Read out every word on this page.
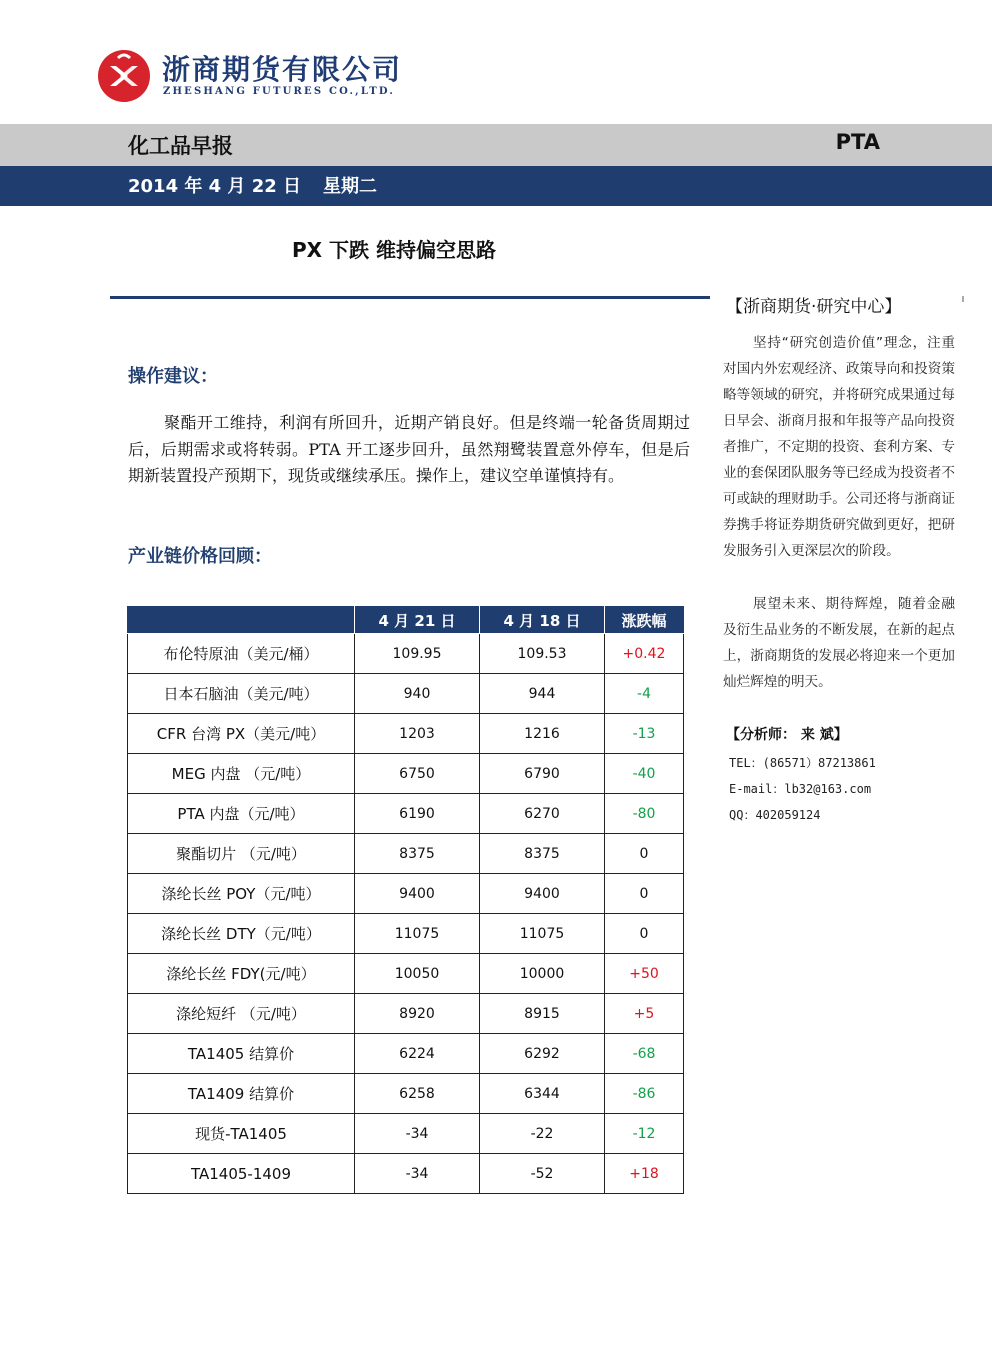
浙商期货有限公司
ZHESHANG FUTURES CO.,LTD.
化工品早报	PTA
2014 年 4 月 22 日 星期二
PX 下跌 维持偏空思路
操作建议：
聚酯开工维持，利润有所回升，近期产销良好。但是终端一轮备货周期过后，后期需求或将转弱。PTA 开工逐步回升，虽然翔鹭装置意外停车，但是后期新装置投产预期下，现货或继续承压。操作上，建议空单谨慎持有。
产业链价格回顾：
	4 月 21 日	4 月 18 日	涨跌幅
布伦特原油（美元/桶）	109.95	109.53	+0.42
日本石脑油（美元/吨）	940	944	-4
CFR 台湾 PX（美元/吨）	1203	1216	-13
MEG 内盘 （元/吨）	6750	6790	-40
PTA 内盘（元/吨）	6190	6270	-80
聚酯切片 （元/吨）	8375	8375	0
涤纶长丝 POY（元/吨）	9400	9400	0
涤纶长丝 DTY（元/吨）	11075	11075	0
涤纶长丝 FDY(元/吨）	10050	10000	+50
涤纶短纤 （元/吨）	8920	8915	+5
TA1405 结算价	6224	6292	-68
TA1409 结算价	6258	6344	-86
现货-TA1405	-34	-22	-12
TA1405-1409	-34	-52	+18
【浙商期货·研究中心】
坚持“研究创造价值”理念，注重对国内外宏观经济、政策导向和投资策略等领域的研究，并将研究成果通过每日早会、浙商月报和年报等产品向投资者推广，不定期的投资、套利方案、专业的套保团队服务等已经成为投资者不可或缺的理财助手。公司还将与浙商证券携手将证券期货研究做到更好，把研发服务引入更深层次的阶段。
展望未来、期待辉煌，随着金融及衍生品业务的不断发展，在新的起点上，浙商期货的发展必将迎来一个更加灿烂辉煌的明天。
【分析师： 来 斌】
TEL：(86571）87213861
E-mail：lb32@163.com
QQ：402059124
